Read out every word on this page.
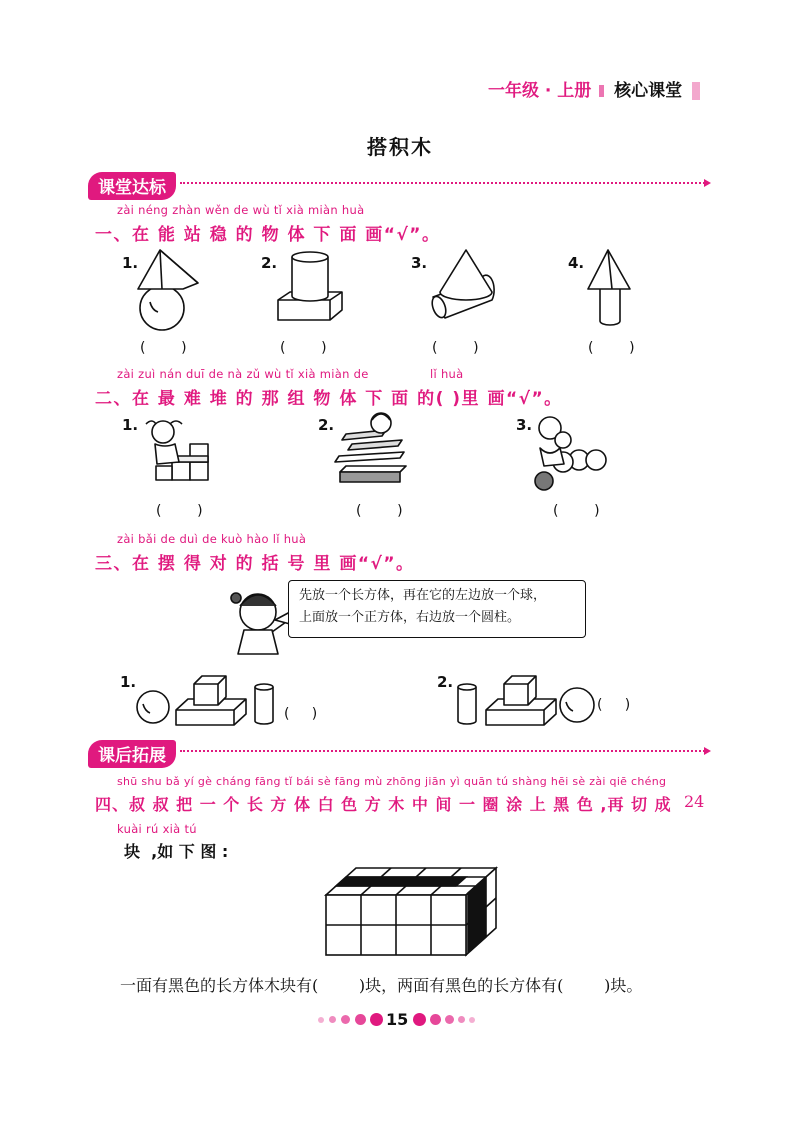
一年级 · 上册 核心课堂
搭积木
课堂达标
zài néng zhàn wěn de wù tǐ xià miàn huà
一、在 能 站 稳 的 物 体 下 面 画“√”。
1.	2.	3.	4.
(        )	(        )	(        )	(        )
zài zuì nán duī de nà zǔ wù tǐ xià miàn de	lǐ huà
二、在 最 难 堆 的 那 组 物 体 下 面 的( )里 画“√”。
1.	2.	3.
(        )	(        )	(        )
zài bǎi de duì de kuò hào lǐ huà
三、在 摆 得 对 的 括 号 里 画“√”。
先放一个长方体，再在它的左边放一个球，
上面放一个正方体，右边放一个圆柱。
1.	2.
(     )
(     )
课后拓展
shū shu bǎ yí gè cháng fāng tǐ bái sè fāng mù zhōng jiān yì quān tú shàng hēi sè zài qiē chéng
四、叔 叔 把 一 个 长 方 体 白 色 方 木 中 间 一 圈 涂 上 黑 色 ,再 切 成 24
kuài rú xià tú
块  ,如 下 图 :
一面有黑色的长方体木块有(        )块，两面有黑色的长方体有(        )块。
15
